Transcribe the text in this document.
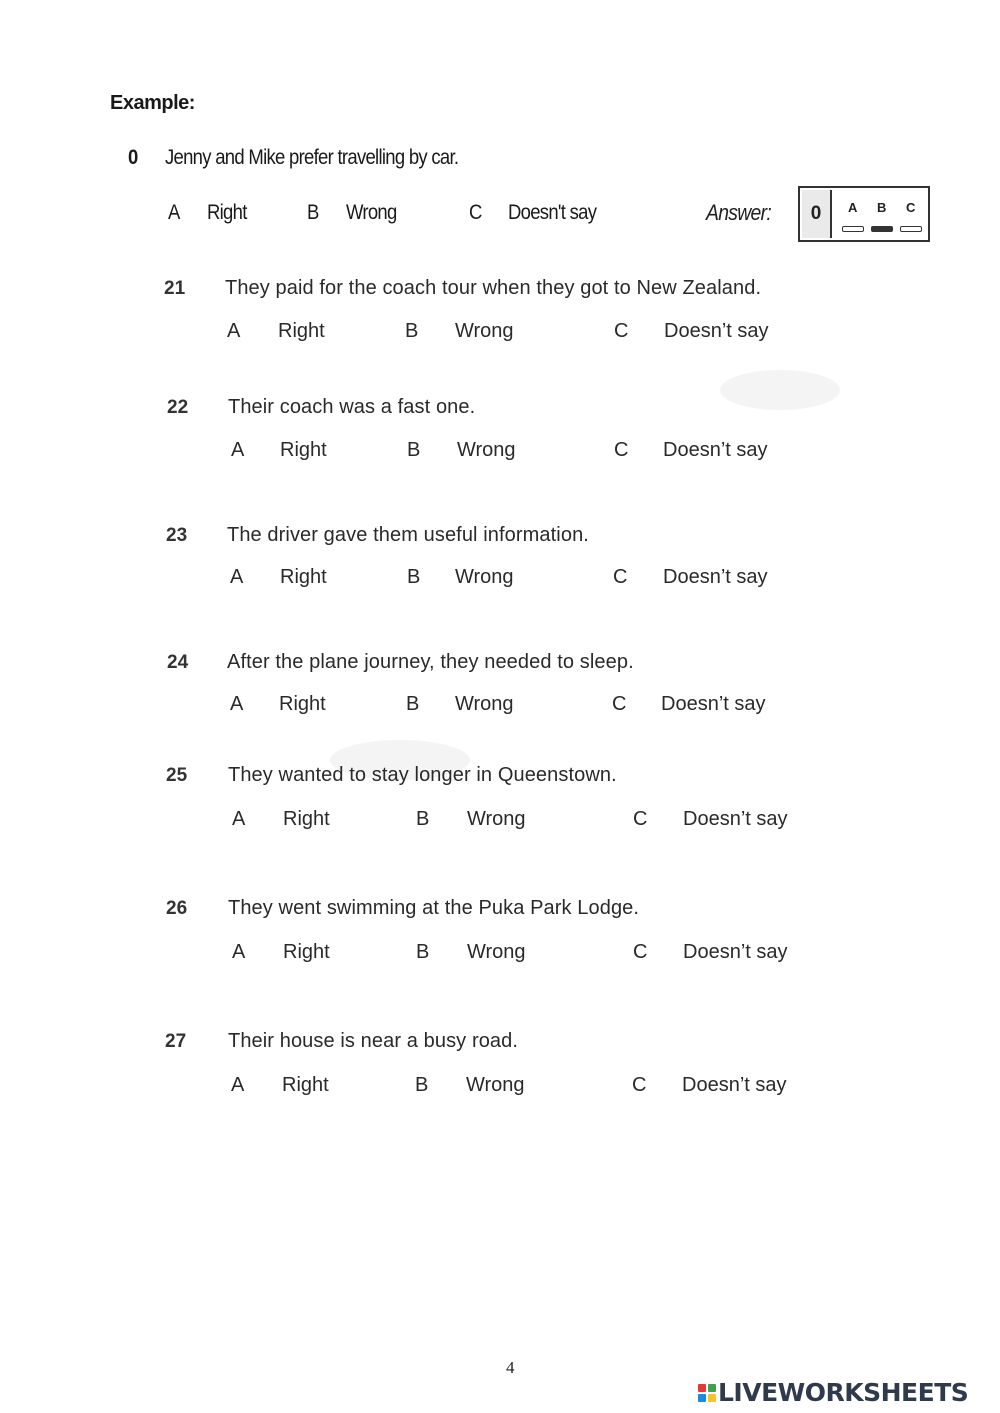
Example:
0 Jenny and Mike prefer travelling by car.
A Right	B Wrong	C Doesn't say	Answer:	0	A B C
21 They paid for the coach tour when they got to New Zealand.
A Right	B Wrong	C Doesn’t say
22 Their coach was a fast one.
A Right	B Wrong	C Doesn’t say
23 The driver gave them useful information.
A Right	B Wrong	C Doesn’t say
24 After the plane journey, they needed to sleep.
A Right	B Wrong	C Doesn’t say
25 They wanted to stay longer in Queenstown.
A Right	B Wrong	C Doesn’t say
26 They went swimming at the Puka Park Lodge.
A Right	B Wrong	C Doesn’t say
27 Their house is near a busy road.
A Right	B Wrong	C Doesn’t say
4
LIVEWORKSHEETS
